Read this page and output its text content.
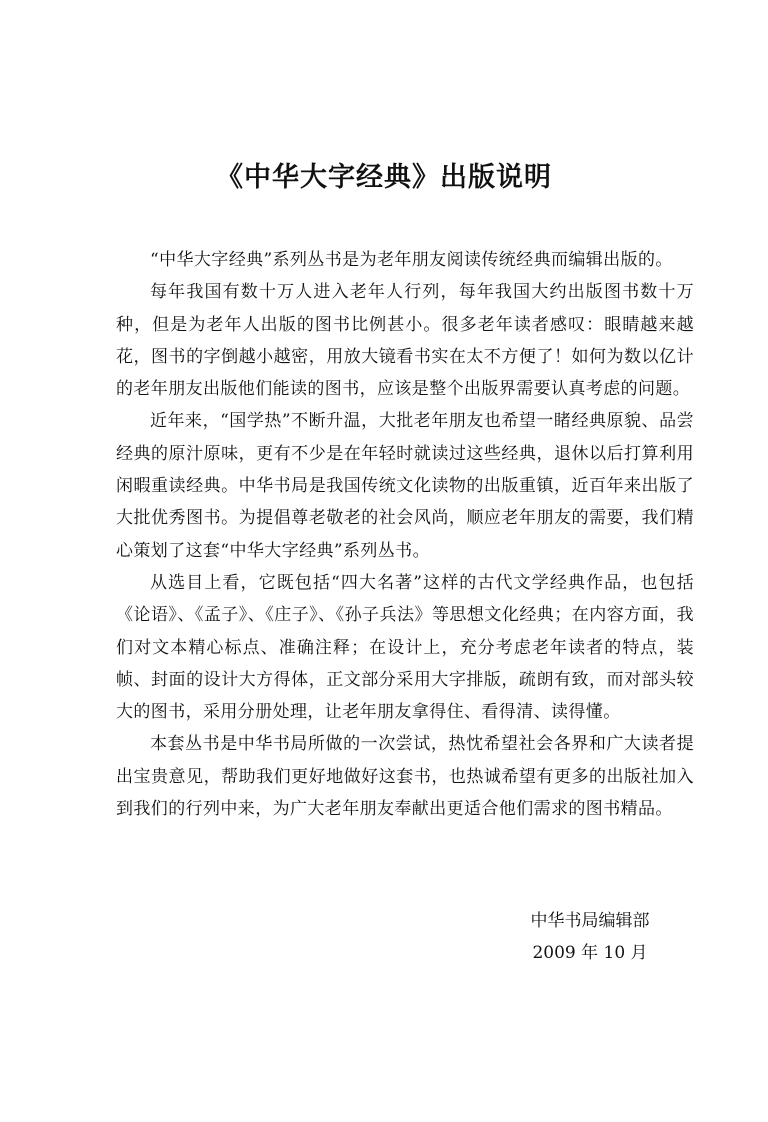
《中华大字经典》出版说明

“中华大字经典”系列丛书是为老年朋友阅读传统经典而编辑出版的。

每年我国有数十万人进入老年人行列，每年我国大约出版图书数十万种，但是为老年人出版的图书比例甚小。很多老年读者感叹：眼睛越来越花，图书的字倒越小越密，用放大镜看书实在太不方便了！如何为数以亿计的老年朋友出版他们能读的图书，应该是整个出版界需要认真考虑的问题。

近年来，“国学热”不断升温，大批老年朋友也希望一睹经典原貌、品尝经典的原汁原味，更有不少是在年轻时就读过这些经典，退休以后打算利用闲暇重读经典。中华书局是我国传统文化读物的出版重镇，近百年来出版了大批优秀图书。为提倡尊老敬老的社会风尚，顺应老年朋友的需要，我们精心策划了这套“中华大字经典”系列丛书。

从选目上看，它既包括“四大名著”这样的古代文学经典作品，也包括《论语》、《孟子》、《庄子》、《孙子兵法》等思想文化经典；在内容方面，我们对文本精心标点、准确注释；在设计上，充分考虑老年读者的特点，装帧、封面的设计大方得体，正文部分采用大字排版，疏朗有致，而对部头较大的图书，采用分册处理，让老年朋友拿得住、看得清、读得懂。

本套丛书是中华书局所做的一次尝试，热忱希望社会各界和广大读者提出宝贵意见，帮助我们更好地做好这套书，也热诚希望有更多的出版社加入到我们的行列中来，为广大老年朋友奉献出更适合他们需求的图书精品。

中华书局编辑部
2009 年 10 月
